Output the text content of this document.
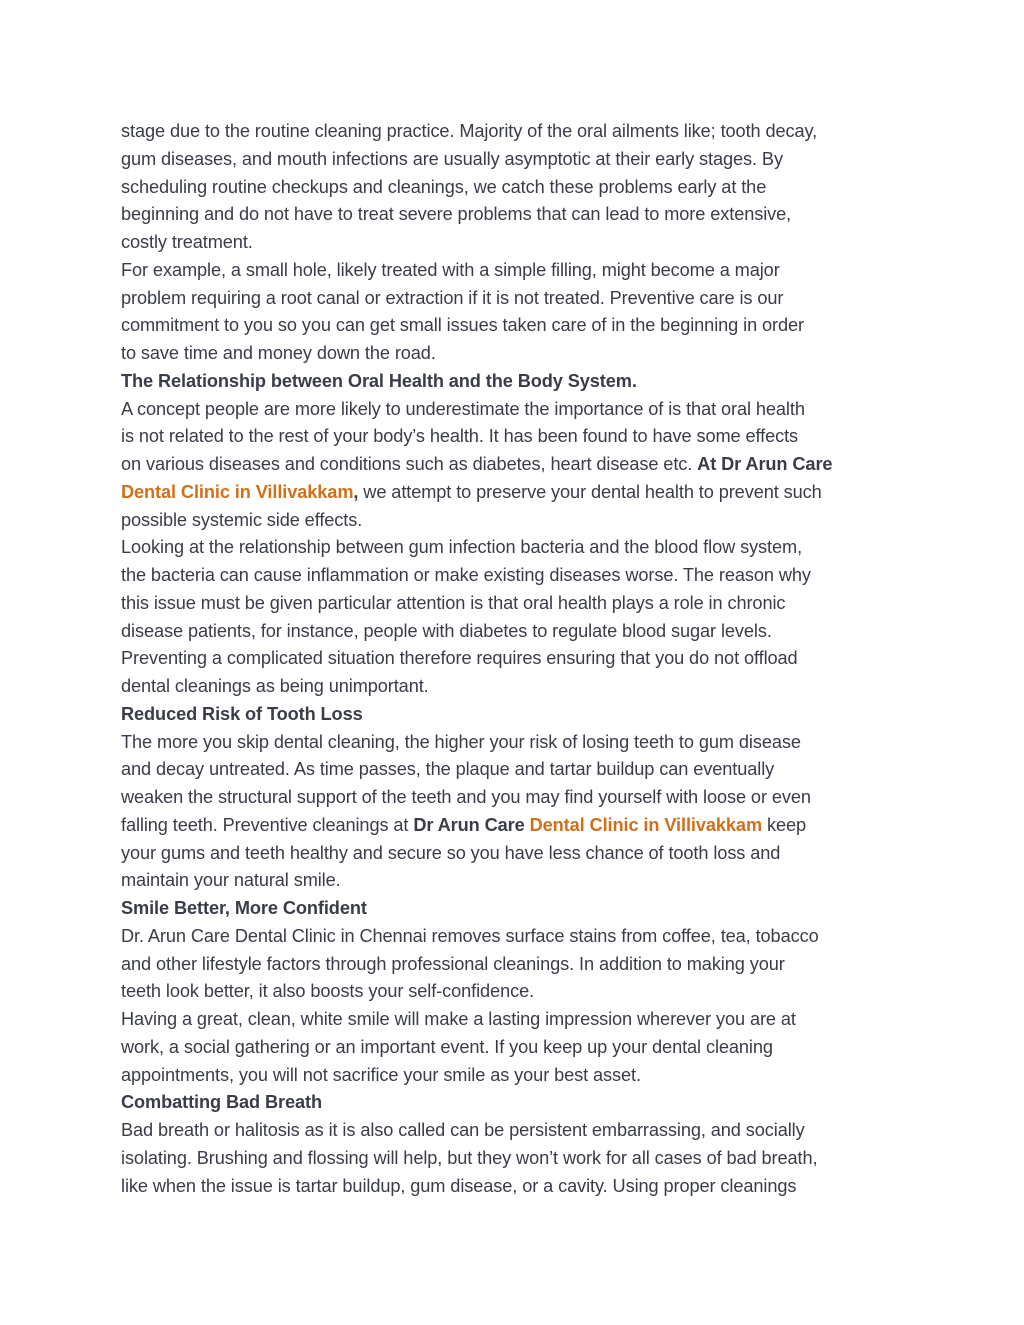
stage due to the routine cleaning practice. Majority of the oral ailments like; tooth decay,
gum diseases, and mouth infections are usually asymptotic at their early stages. By
scheduling routine checkups and cleanings, we catch these problems early at the
beginning and do not have to treat severe problems that can lead to more extensive,
costly treatment.
For example, a small hole, likely treated with a simple filling, might become a major
problem requiring a root canal or extraction if it is not treated. Preventive care is our
commitment to you so you can get small issues taken care of in the beginning in order
to save time and money down the road.
The Relationship between Oral Health and the Body System.
A concept people are more likely to underestimate the importance of is that oral health
is not related to the rest of your body’s health. It has been found to have some effects
on various diseases and conditions such as diabetes, heart disease etc. At Dr Arun Care
Dental Clinic in Villivakkam, we attempt to preserve your dental health to prevent such
possible systemic side effects.
Looking at the relationship between gum infection bacteria and the blood flow system,
the bacteria can cause inflammation or make existing diseases worse. The reason why
this issue must be given particular attention is that oral health plays a role in chronic
disease patients, for instance, people with diabetes to regulate blood sugar levels.
Preventing a complicated situation therefore requires ensuring that you do not offload
dental cleanings as being unimportant.
Reduced Risk of Tooth Loss
The more you skip dental cleaning, the higher your risk of losing teeth to gum disease
and decay untreated. As time passes, the plaque and tartar buildup can eventually
weaken the structural support of the teeth and you may find yourself with loose or even
falling teeth. Preventive cleanings at Dr Arun Care Dental Clinic in Villivakkam keep
your gums and teeth healthy and secure so you have less chance of tooth loss and
maintain your natural smile.
Smile Better, More Confident
Dr. Arun Care Dental Clinic in Chennai removes surface stains from coffee, tea, tobacco
and other lifestyle factors through professional cleanings. In addition to making your
teeth look better, it also boosts your self-confidence.
Having a great, clean, white smile will make a lasting impression wherever you are at
work, a social gathering or an important event. If you keep up your dental cleaning
appointments, you will not sacrifice your smile as your best asset.
Combatting Bad Breath
Bad breath or halitosis as it is also called can be persistent embarrassing, and socially
isolating. Brushing and flossing will help, but they won’t work for all cases of bad breath,
like when the issue is tartar buildup, gum disease, or a cavity. Using proper cleanings
